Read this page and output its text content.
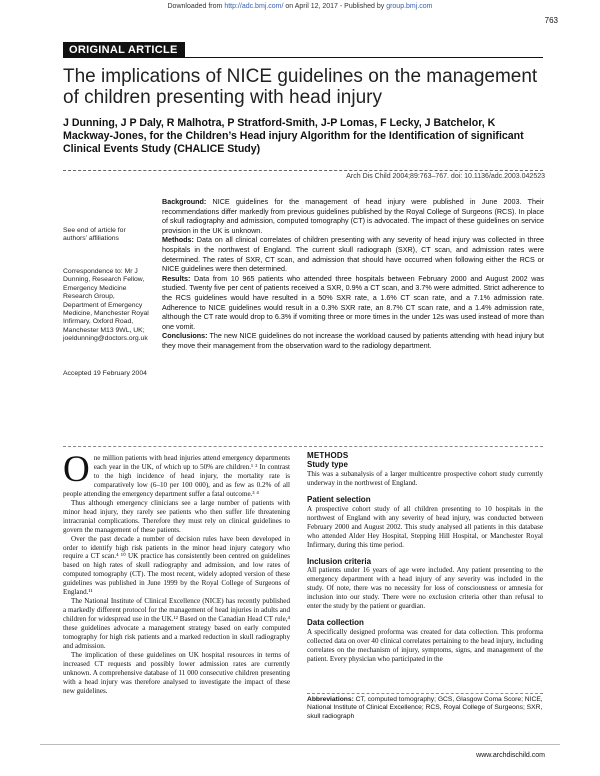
Downloaded from http://adc.bmj.com/ on April 12, 2017 - Published by group.bmj.com
763
ORIGINAL ARTICLE
The implications of NICE guidelines on the management of children presenting with head injury
J Dunning, J P Daly, R Malhotra, P Stratford-Smith, J-P Lomas, F Lecky, J Batchelor, K Mackway-Jones, for the Children’s Head injury Algorithm for the Identification of significant Clinical Events Study (CHALICE Study)
Arch Dis Child 2004;89:763–767. doi: 10.1136/adc.2003.042523

Background: NICE guidelines for the management of head injury were published in June 2003. Their recommendations differ markedly from previous guidelines published by the Royal College of Surgeons (RCS). In place of skull radiography and admission, computed tomography (CT) is advocated. The impact of these guidelines on service provision in the UK is unknown.

Methods: Data on all clinical correlates of children presenting with any severity of head injury was collected in three hospitals in the northwest of England. The current skull radiograph (SXR), CT scan, and admission rates were determined. The rates of SXR, CT scan, and admission that should have occurred when following either the RCS or NICE guidelines were then determined.

Results: Data from 10 965 patients who attended three hospitals between February 2000 and August 2002 was studied. Twenty five per cent of patients received a SXR, 0.9% a CT scan, and 3.7% were admitted. Strict adherence to the RCS guidelines would have resulted in a 50% SXR rate, a 1.6% CT scan rate, and a 7.1% admission rate. Adherence to NICE guidelines would result in a 0.3% SXR rate, an 8.7% CT scan rate, and a 1.4% admission rate, although the CT rate would drop to 6.3% if vomiting three or more times in the under 12s was used instead of more than one vomit.

Conclusions: The new NICE guidelines do not increase the workload caused by patients attending with head injury but they move their management from the observation ward to the radiology department.

See end of article for authors’ affiliations
Correspondence to: Mr J Dunning, Research Fellow, Emergency Medicine Research Group, Department of Emergency Medicine, Manchester Royal Infirmary, Oxford Road, Manchester M13 9WL, UK; joeldunning@doctors.org.uk
Accepted 19 February 2004

One million patients with head injuries attend emergency departments each year in the UK, of which up to 50% are children.¹ ² In contrast to the high incidence of head injury, the mortality rate is comparatively low (6–10 per 100 000), and as few as 0.2% of all people attending the emergency department suffer a fatal outcome.³ ⁴

Thus although emergency clinicians see a large number of patients with minor head injury, they rarely see patients who then suffer life threatening intracranial complications. Therefore they must rely on clinical guidelines to govern the management of these patients.

Over the past decade a number of decision rules have been developed in order to identify high risk patients in the minor head injury category who require a CT scan.⁴ ¹⁰ UK practice has consistently been centred on guidelines based on high rates of skull radiography and admission, and low rates of computed tomography (CT). The most recent, widely adopted version of these guidelines was published in June 1999 by the Royal College of Surgeons of England.¹¹

The National Institute of Clinical Excellence (NICE) has recently published a markedly different protocol for the management of head injuries in adults and children for widespread use in the UK.¹² Based on the Canadian Head CT rule,⁴ these guidelines advocate a management strategy based on early computed tomography for high risk patients and a marked reduction in skull radiography and admission.

The implication of these guidelines on UK hospital resources in terms of increased CT requests and possibly lower admission rates are currently unknown. A comprehensive database of 11 000 consecutive children presenting with a head injury was therefore analysed to investigate the impact of these new guidelines.

METHODS
Study type

This was a subanalysis of a larger multicentre prospective cohort study currently underway in the northwest of England.

Patient selection

A prospective cohort study of all children presenting to 10 hospitals in the northwest of England with any severity of head injury, was conducted between February 2000 and August 2002. This study analysed all patients in this database who attended Alder Hey Hospital, Stepping Hill Hospital, or Manchester Royal Infirmary, during this time period.

Inclusion criteria

All patients under 16 years of age were included. Any patient presenting to the emergency department with a head injury of any severity was included in the study. Of note, there was no necessity for loss of consciousness or amnesia for inclusion into our study. There were no exclusion criteria other than refusal to enter the study by the patient or guardian.

Data collection

A specifically designed proforma was created for data collection. This proforma collected data on over 40 clinical correlates pertaining to the head injury, including correlates on the mechanism of injury, symptoms, signs, and management of the patient. Every physician who participated in the

Abbreviations: CT, computed tomography; GCS, Glasgow Coma Score; NICE, National Institute of Clinical Excellence; RCS, Royal College of Surgeons; SXR, skull radiograph
www.archdischild.com
